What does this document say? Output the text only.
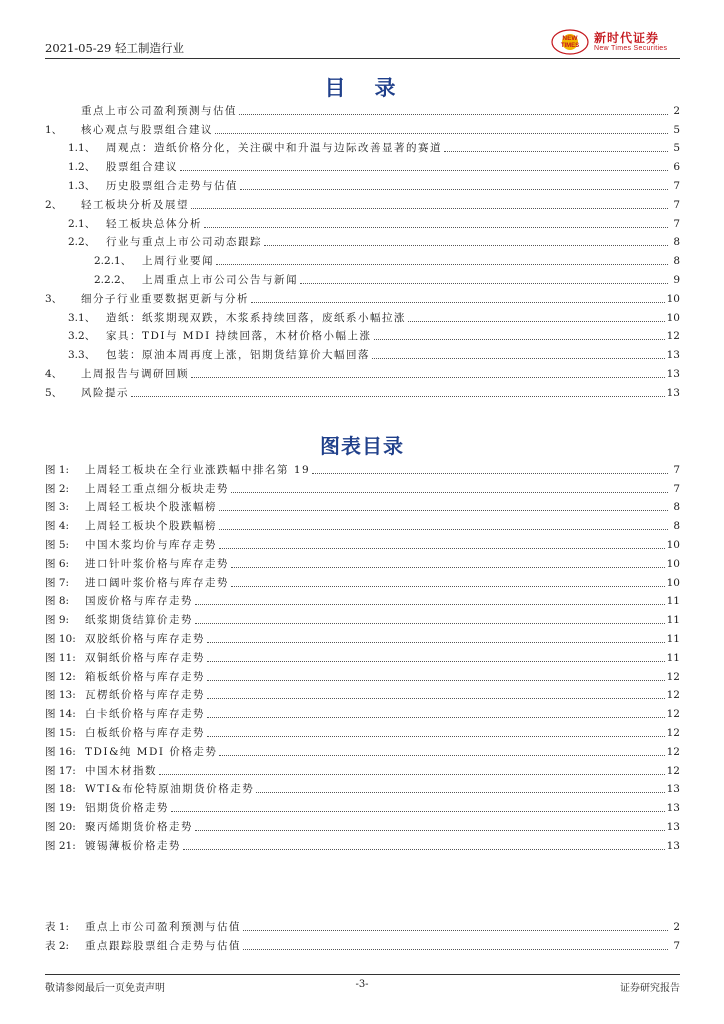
2021-05-29 轻工制造行业
NEW
TIMES
新时代证券
New Times Securities
目　录
重点上市公司盈利预测与估值	2
1、	核心观点与股票组合建议	5
1.1、	周观点：造纸价格分化，关注碳中和升温与边际改善显著的赛道	5
1.2、	股票组合建议	6
1.3、	历史股票组合走势与估值	7
2、	轻工板块分析及展望	7
2.1、	轻工板块总体分析	7
2.2、	行业与重点上市公司动态跟踪	8
2.2.1、	上周行业要闻	8
2.2.2、	上周重点上市公司公告与新闻	9
3、	细分子行业重要数据更新与分析	10
3.1、	造纸：纸浆期现双跌，木浆系持续回落，废纸系小幅拉涨	10
3.2、	家具：TDI与 MDI 持续回落，木材价格小幅上涨	12
3.3、	包装：原油本周再度上涨，铝期货结算价大幅回落	13
4、	上周报告与调研回顾	13
5、	风险提示	13
图表目录
图 1:	上周轻工板块在全行业涨跌幅中排名第 19	7
图 2:	上周轻工重点细分板块走势	7
图 3:	上周轻工板块个股涨幅榜	8
图 4:	上周轻工板块个股跌幅榜	8
图 5:	中国木浆均价与库存走势	10
图 6:	进口针叶浆价格与库存走势	10
图 7:	进口阔叶浆价格与库存走势	10
图 8:	国废价格与库存走势	11
图 9:	纸浆期货结算价走势	11
图 10: 双胶纸价格与库存走势	11
图 11: 双铜纸价格与库存走势	11
图 12: 箱板纸价格与库存走势	12
图 13: 瓦楞纸价格与库存走势	12
图 14: 白卡纸价格与库存走势	12
图 15: 白板纸价格与库存走势	12
图 16: TDI&纯 MDI 价格走势	12
图 17: 中国木材指数	12
图 18: WTI&布伦特原油期货价格走势	13
图 19: 铝期货价格走势	13
图 20: 聚丙烯期货价格走势	13
图 21: 镀锡薄板价格走势	13
表 1:	重点上市公司盈利预测与估值	2
表 2:	重点跟踪股票组合走势与估值	7
敬请参阅最后一页免责声明	-3-	证券研究报告
